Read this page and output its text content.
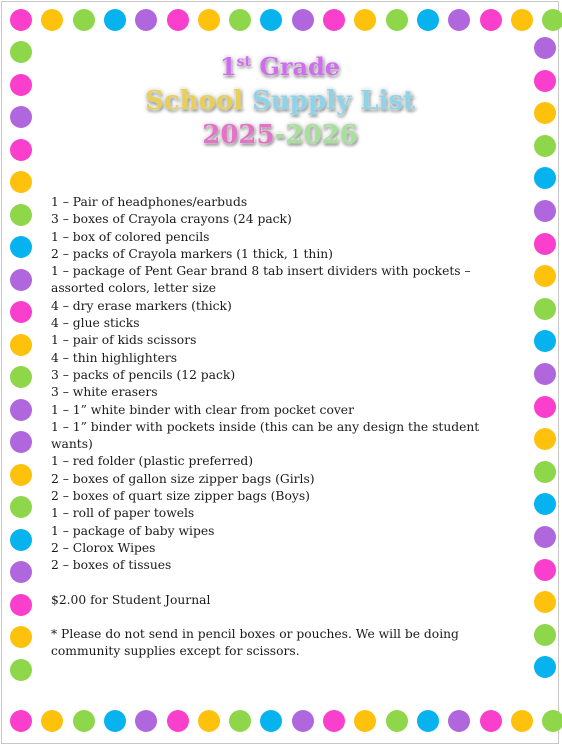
1st Grade
School Supply List
2025-2026
1 – Pair of headphones/earbuds
3 – boxes of Crayola crayons (24 pack)
1 – box of colored pencils
2 – packs of Crayola markers (1 thick, 1 thin)
1 – package of Pent Gear brand 8 tab insert dividers with pockets – assorted colors, letter size
4 – dry erase markers (thick)
4 – glue sticks
1 – pair of kids scissors
4 – thin highlighters
3 – packs of pencils (12 pack)
3 – white erasers
1 – 1” white binder with clear from pocket cover
1 – 1” binder with pockets inside (this can be any design the student wants)
1 – red folder (plastic preferred)
2 – boxes of gallon size zipper bags (Girls)
2 – boxes of quart size zipper bags (Boys)
1 – roll of paper towels
1 – package of baby wipes
2 – Clorox Wipes
2 – boxes of tissues
$2.00 for Student Journal
* Please do not send in pencil boxes or pouches. We will be doing community supplies except for scissors.
